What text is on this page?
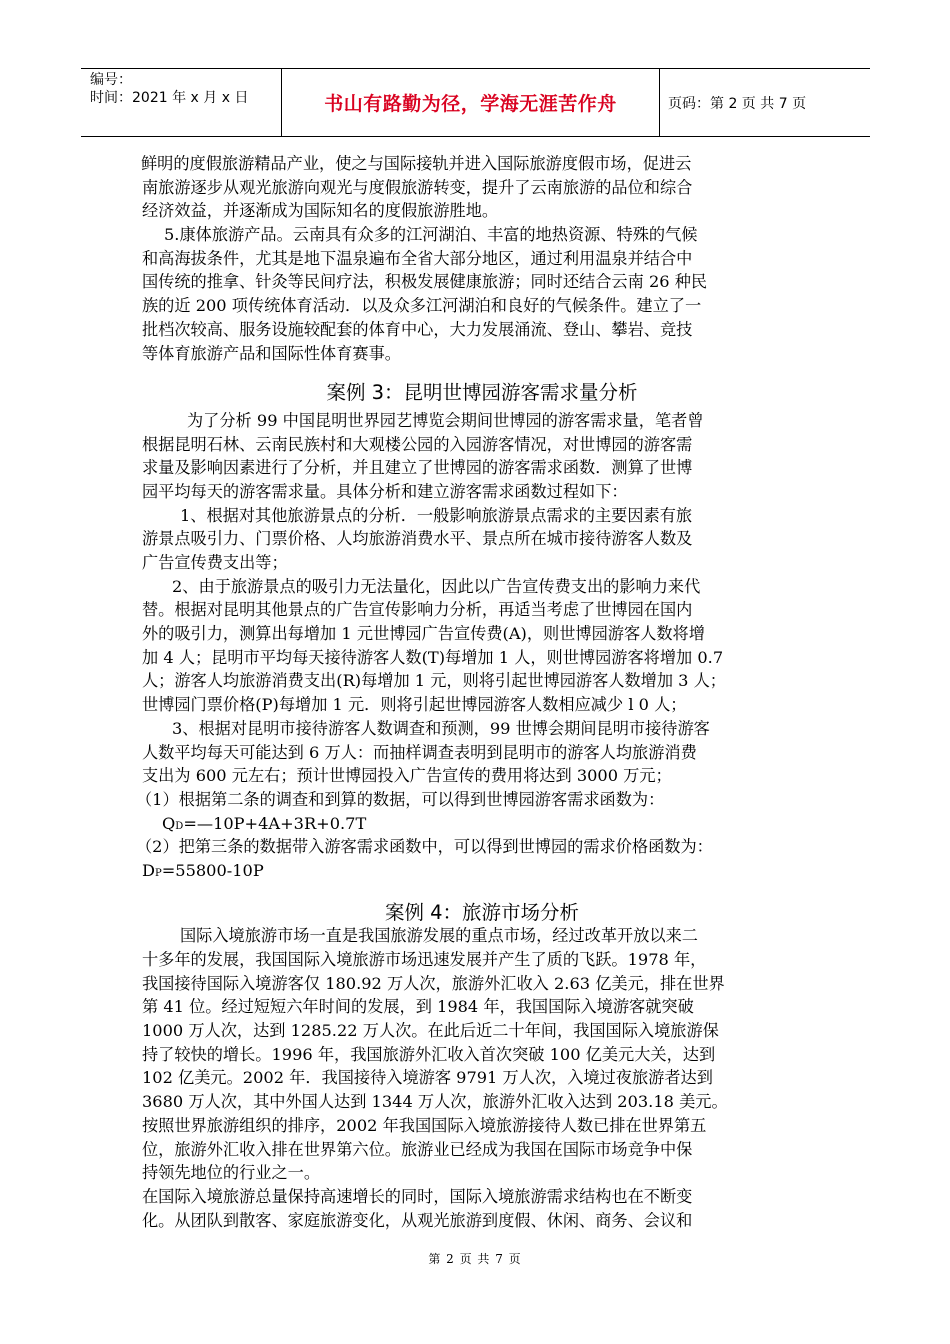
编号：
时间：2021 年 x 月 x 日	书山有路勤为径，学海无涯苦作舟	页码：第 2 页 共 7 页
鲜明的度假旅游精品产业，使之与国际接轨并进入国际旅游度假市场，促进云
南旅游逐步从观光旅游向观光与度假旅游转变，提升了云南旅游的品位和综合
经济效益，并逐渐成为国际知名的度假旅游胜地。
5.康体旅游产品。云南具有众多的江河湖泊、丰富的地热资源、特殊的气候
和高海拔条件，尤其是地下温泉遍布全省大部分地区，通过利用温泉并结合中
国传统的推拿、针灸等民间疗法，积极发展健康旅游；同时还结合云南 26 种民
族的近 200 项传统体育活动．以及众多江河湖泊和良好的气候条件。建立了一
批档次较高、服务设施较配套的体育中心，大力发展涌流、登山、攀岩、竞技
等体育旅游产品和国际性体育赛事。
案例 3：昆明世博园游客需求量分析
为了分析 99 中国昆明世界园艺博览会期间世博园的游客需求量，笔者曾
根据昆明石林、云南民族村和大观楼公园的入园游客情况，对世博园的游客需
求量及影响因素进行了分析，并且建立了世博园的游客需求函数．测算了世博
园平均每天的游客需求量。具体分析和建立游客需求函数过程如下：
1、根据对其他旅游景点的分析．一般影响旅游景点需求的主要因素有旅
游景点吸引力、门票价格、人均旅游消费水平、景点所在城市接待游客人数及
广告宣传费支出等；
2、由于旅游景点的吸引力无法量化，因此以广告宣传费支出的影响力来代
替。根据对昆明其他景点的广告宣传影响力分析，再适当考虑了世博园在国内
外的吸引力，测算出每增加 1 元世博园广告宣传费(A)，则世博园游客人数将增
加 4 人；昆明市平均每天接待游客人数(T)每增加 1 人，则世博园游客将增加 0.7
人；游客人均旅游消费支出(R)每增加 1 元，则将引起世博园游客人数增加 3 人；
世博园门票价格(P)每增加 1 元．则将引起世博园游客人数相应减少 l 0 人；
3、根据对昆明市接待游客人数调查和预测，99 世博会期间昆明市接待游客
人数平均每天可能达到 6 万人：而抽样调查表明到昆明市的游客人均旅游消费
支出为 600 元左右；预计世博园投入广告宣传的费用将达到 3000 万元；
（1）根据第二条的调查和到算的数据，可以得到世博园游客需求函数为：
QD=—10P+4A+3R+0.7T
（2）把第三条的数据带入游客需求函数中，可以得到世博园的需求价格函数为：
DP=55800-10P
案例 4：旅游市场分析
国际入境旅游市场一直是我国旅游发展的重点市场，经过改革开放以来二
十多年的发展，我国国际入境旅游市场迅速发展并产生了质的飞跃。1978 年，
我国接待国际入境游客仅 180.92 万人次，旅游外汇收入 2.63 亿美元，排在世界
第 41 位。经过短短六年时间的发展，到 1984 年，我国国际入境游客就突破
1000 万人次，达到 1285.22 万人次。在此后近二十年间，我国国际入境旅游保
持了较快的增长。1996 年，我国旅游外汇收入首次突破 100 亿美元大关，达到
102 亿美元。2002 年．我国接待入境游客 9791 万人次，入境过夜旅游者达到
3680 万人次，其中外国人达到 1344 万人次，旅游外汇收入达到 203.18 美元。
按照世界旅游组织的排序，2002 年我国国际入境旅游接待人数已排在世界第五
位，旅游外汇收入排在世界第六位。旅游业已经成为我国在国际市场竞争中保
持领先地位的行业之一。
在国际入境旅游总量保持高速增长的同时，国际入境旅游需求结构也在不断变
化。从团队到散客、家庭旅游变化，从观光旅游到度假、休闲、商务、会议和
第 2 页 共 7 页
